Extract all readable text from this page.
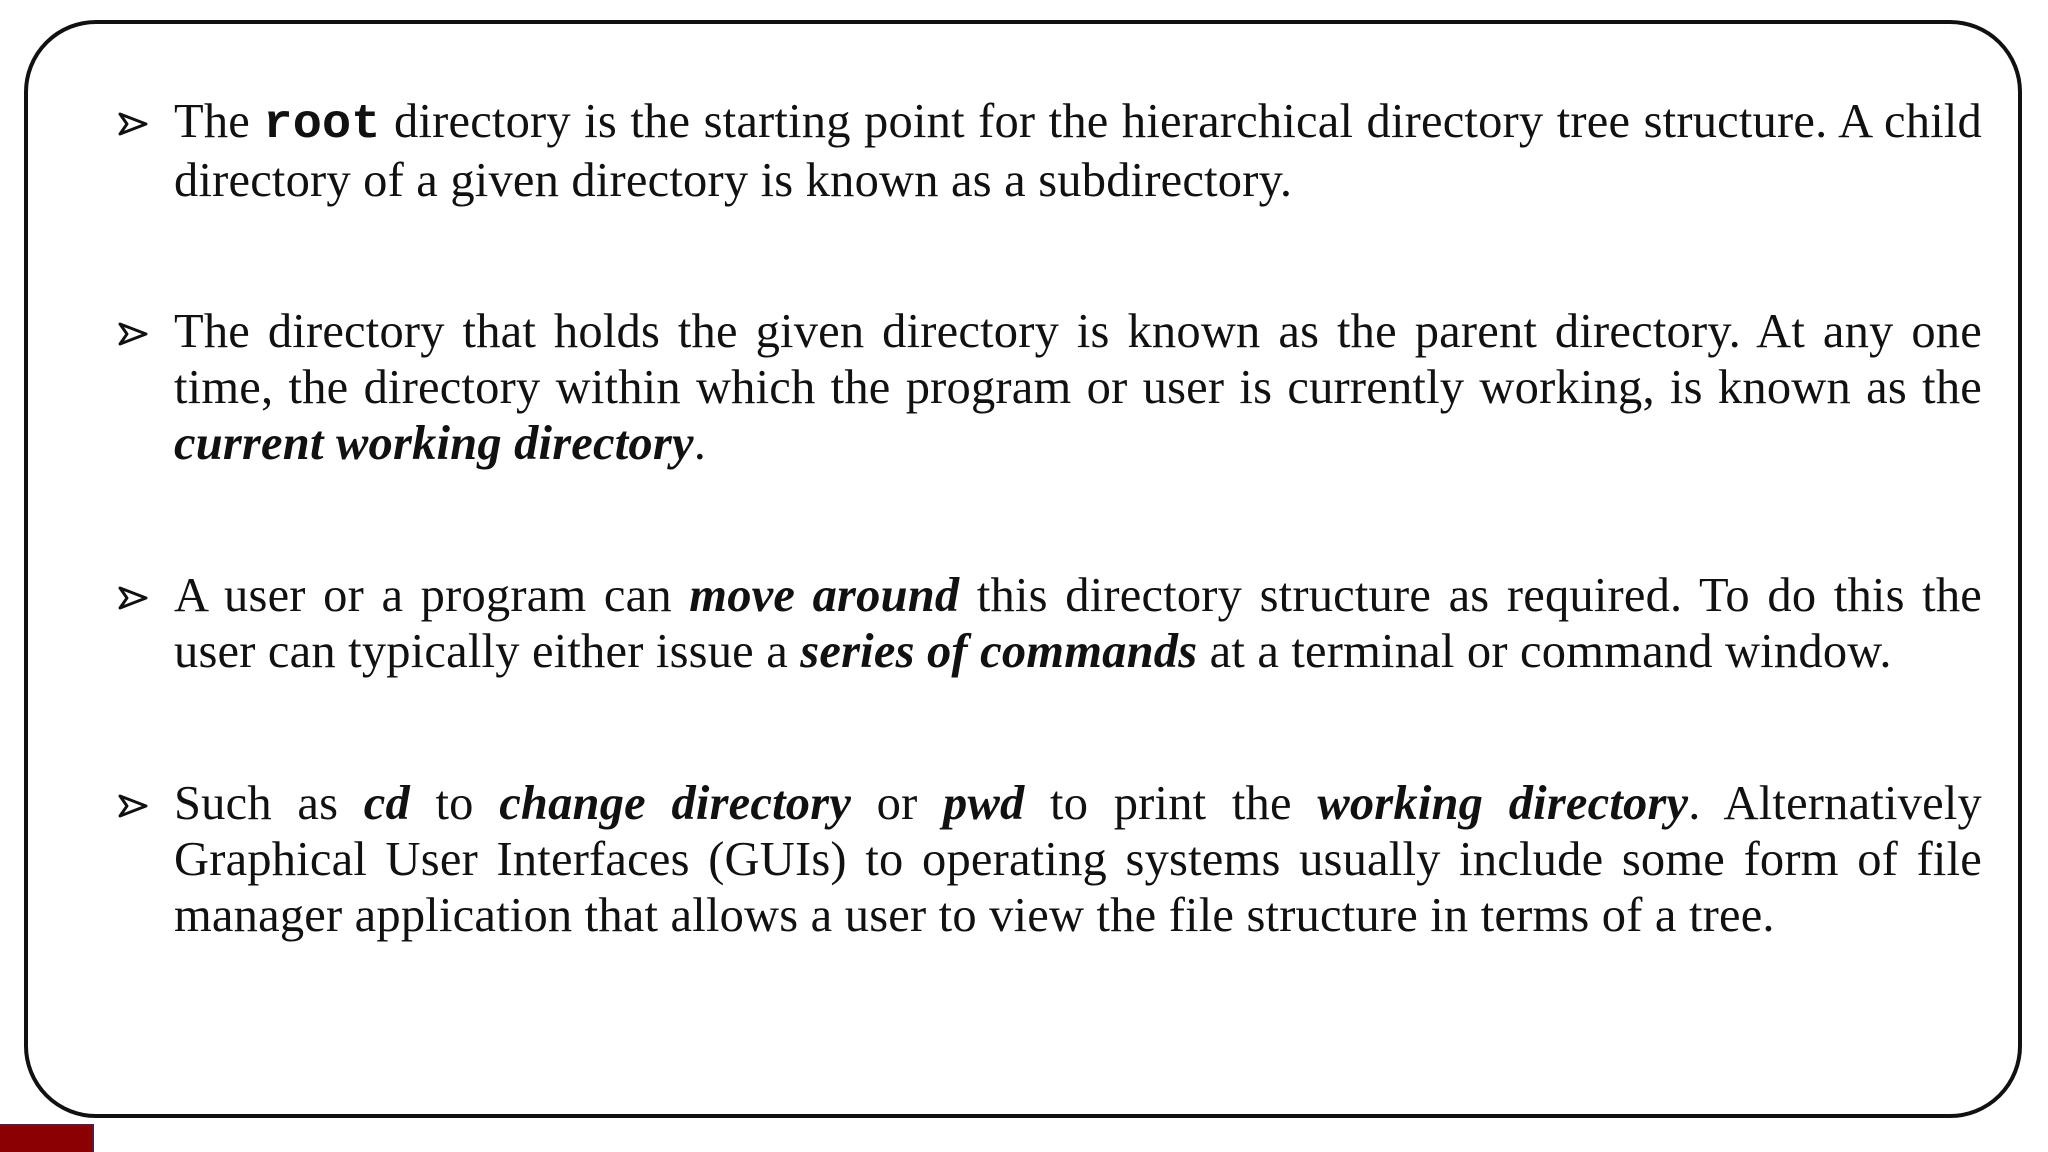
The root directory is the starting point for the hierarchical directory tree structure. A child directory of a given directory is known as a subdirectory.
The directory that holds the given directory is known as the parent directory. At any one time, the directory within which the program or user is currently working, is known as the current working directory.
A user or a program can move around this directory structure as required. To do this the user can typically either issue a series of commands at a terminal or command window.
Such as cd to change directory or pwd to print the working directory. Alternatively Graphical User Interfaces (GUIs) to operating systems usually include some form of file manager application that allows a user to view the file structure in terms of a tree.
